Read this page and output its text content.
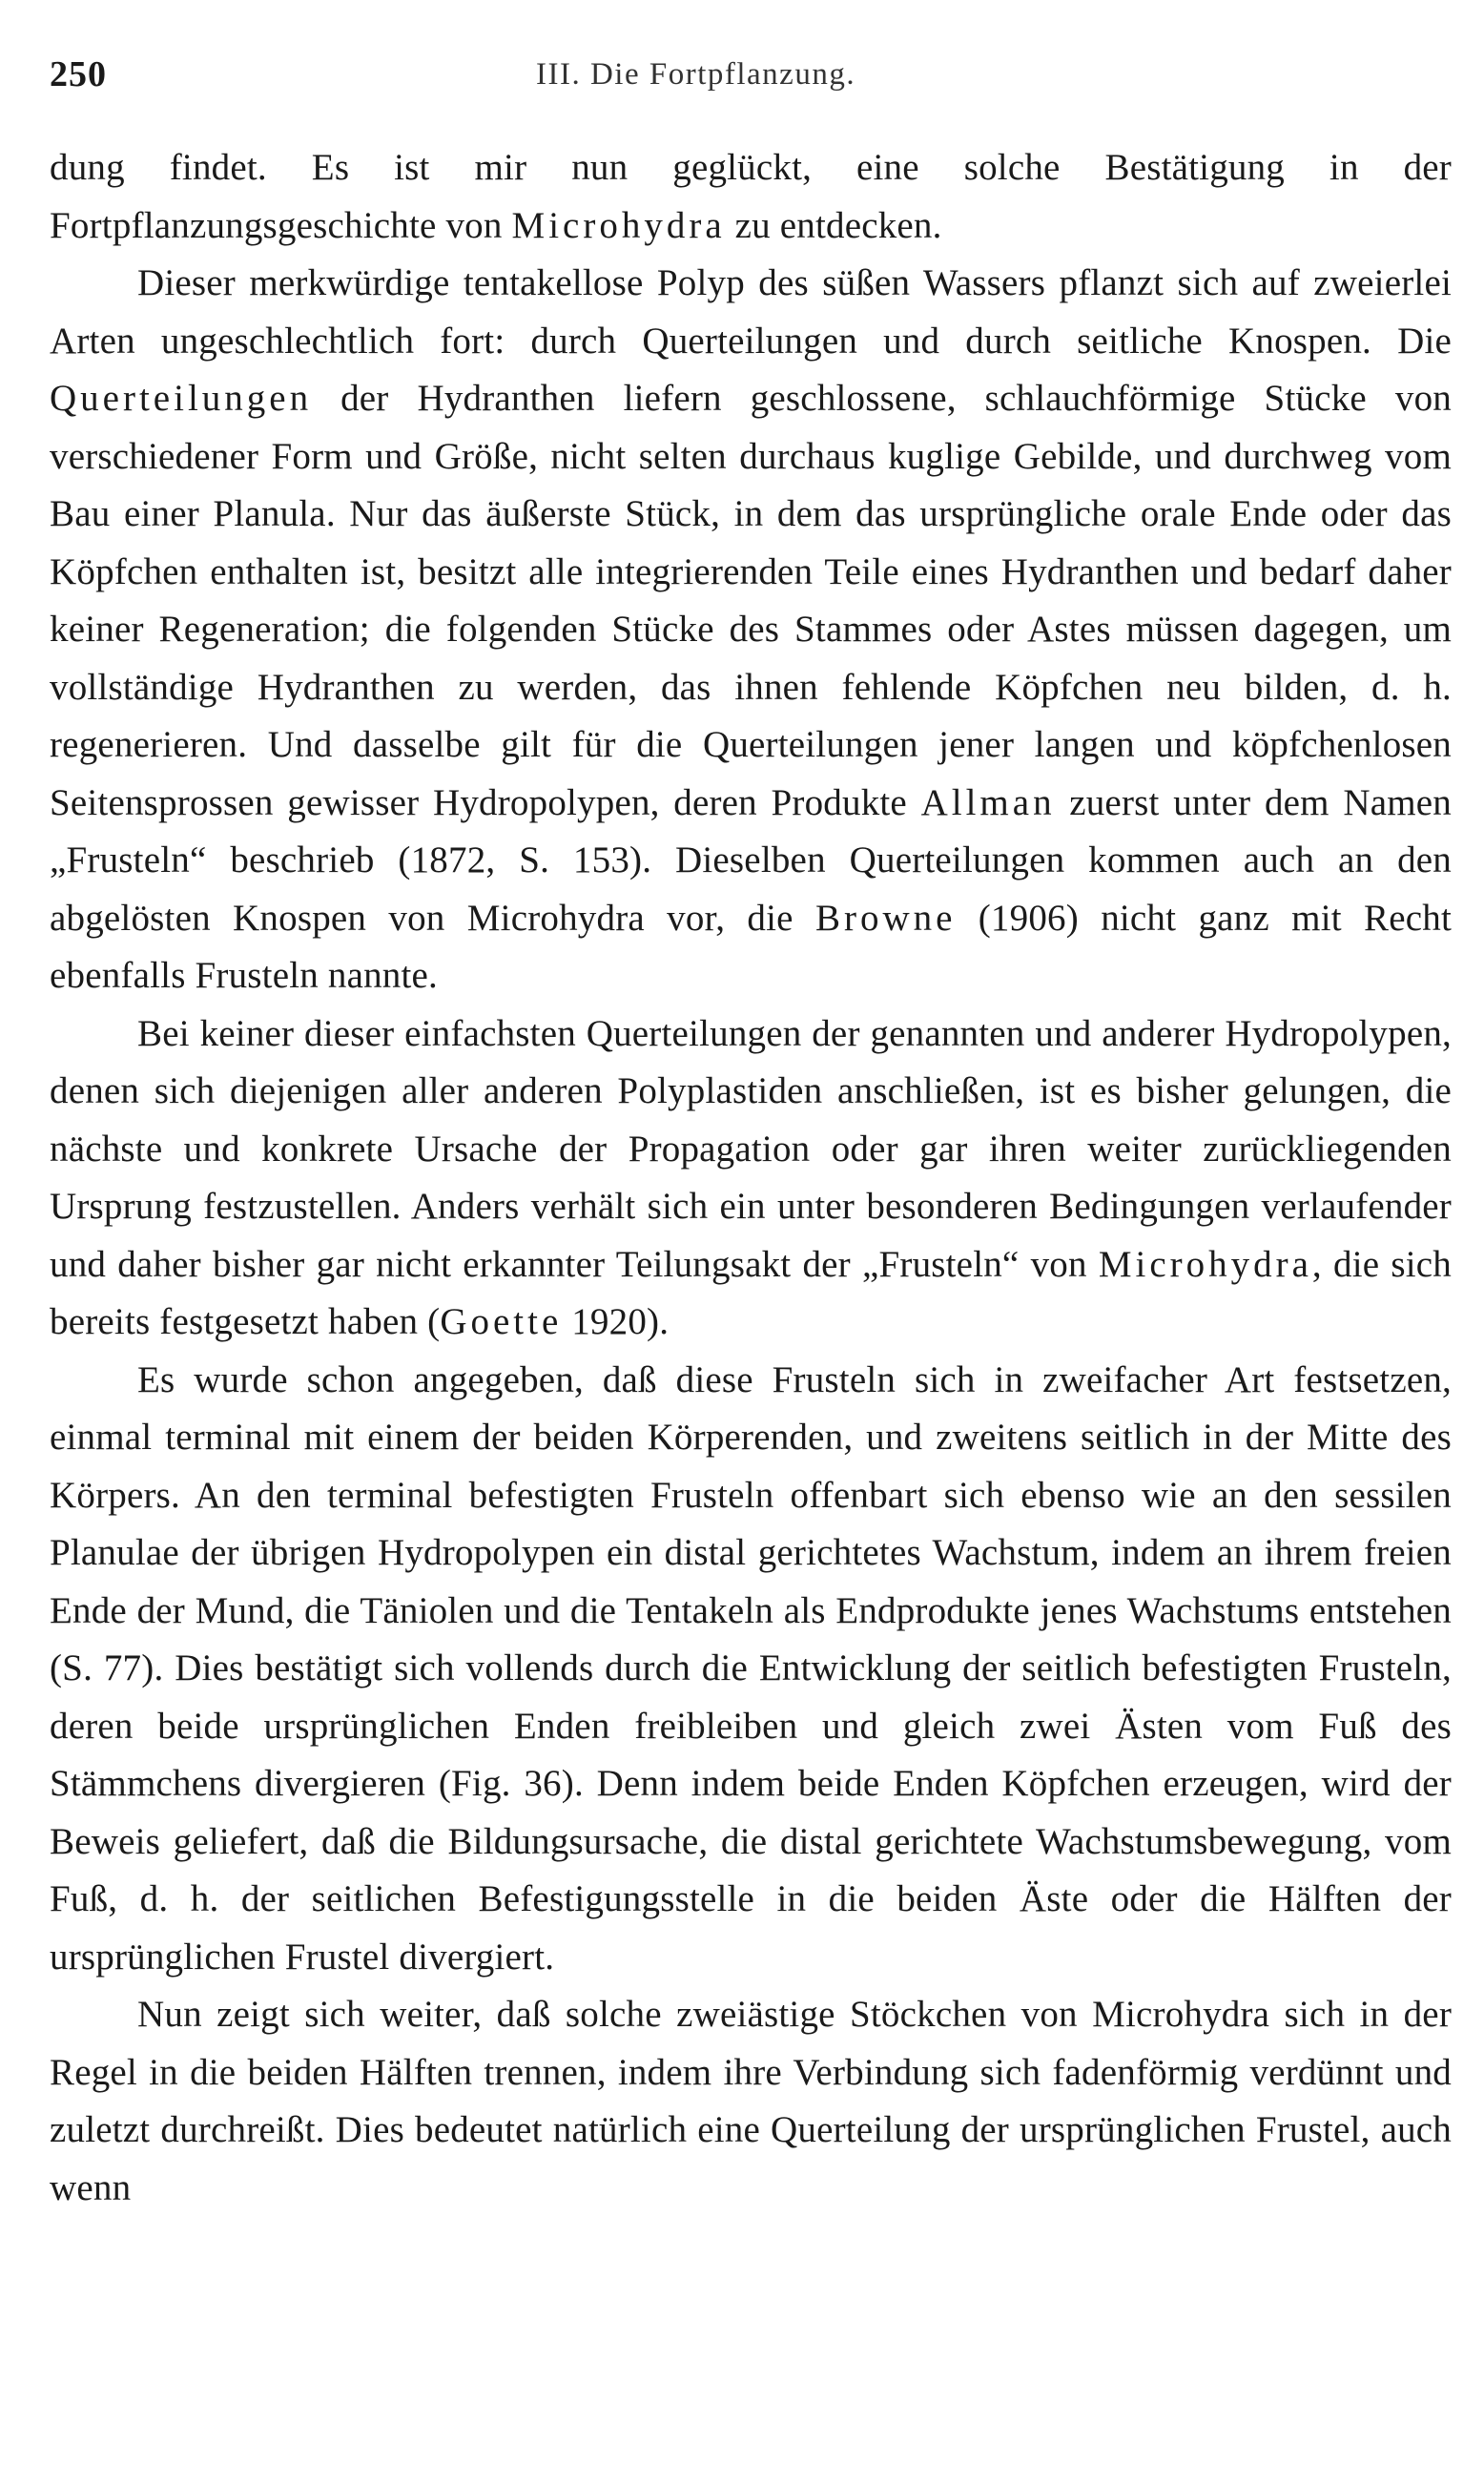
250	III. Die Fortpflanzung.

dung findet. Es ist mir nun geglückt, eine solche Bestätigung in der Fortpflanzungsgeschichte von Microhydra zu entdecken.

Dieser merkwürdige tentakellose Polyp des süßen Wassers pflanzt sich auf zweierlei Arten ungeschlechtlich fort: durch Querteilungen und durch seitliche Knospen. Die Querteilungen der Hydranthen liefern geschlossene, schlauchförmige Stücke von verschiedener Form und Größe, nicht selten durchaus kuglige Gebilde, und durchweg vom Bau einer Planula. Nur das äußerste Stück, in dem das ursprüngliche orale Ende oder das Köpfchen enthalten ist, besitzt alle integrierenden Teile eines Hydranthen und bedarf daher keiner Regeneration; die folgenden Stücke des Stammes oder Astes müssen dagegen, um vollständige Hydranthen zu werden, das ihnen fehlende Köpfchen neu bilden, d. h. regenerieren. Und dasselbe gilt für die Querteilungen jener langen und köpfchenlosen Seitensprossen gewisser Hydropolypen, deren Produkte Allman zuerst unter dem Namen „Frusteln“ beschrieb (1872, S. 153). Dieselben Querteilungen kommen auch an den abgelösten Knospen von Microhydra vor, die Browne (1906) nicht ganz mit Recht ebenfalls Frusteln nannte.

Bei keiner dieser einfachsten Querteilungen der genannten und anderer Hydropolypen, denen sich diejenigen aller anderen Polyplastiden anschließen, ist es bisher gelungen, die nächste und konkrete Ursache der Propagation oder gar ihren weiter zurückliegenden Ursprung festzustellen. Anders verhält sich ein unter besonderen Bedingungen verlaufender und daher bisher gar nicht erkannter Teilungsakt der „Frusteln“ von Microhydra, die sich bereits festgesetzt haben (Goette 1920).

Es wurde schon angegeben, daß diese Frusteln sich in zweifacher Art festsetzen, einmal terminal mit einem der beiden Körperenden, und zweitens seitlich in der Mitte des Körpers. An den terminal befestigten Frusteln offenbart sich ebenso wie an den sessilen Planulae der übrigen Hydropolypen ein distal gerichtetes Wachstum, indem an ihrem freien Ende der Mund, die Täniolen und die Tentakeln als Endprodukte jenes Wachstums entstehen (S. 77). Dies bestätigt sich vollends durch die Entwicklung der seitlich befestigten Frusteln, deren beide ursprünglichen Enden freibleiben und gleich zwei Ästen vom Fuß des Stämmchens divergieren (Fig. 36). Denn indem beide Enden Köpfchen erzeugen, wird der Beweis geliefert, daß die Bildungsursache, die distal gerichtete Wachstumsbewegung, vom Fuß, d. h. der seitlichen Befestigungsstelle in die beiden Äste oder die Hälften der ursprünglichen Frustel divergiert.

Nun zeigt sich weiter, daß solche zweiästige Stöckchen von Microhydra sich in der Regel in die beiden Hälften trennen, indem ihre Verbindung sich fadenförmig verdünnt und zuletzt durchreißt. Dies bedeutet natürlich eine Querteilung der ursprünglichen Frustel, auch wenn
